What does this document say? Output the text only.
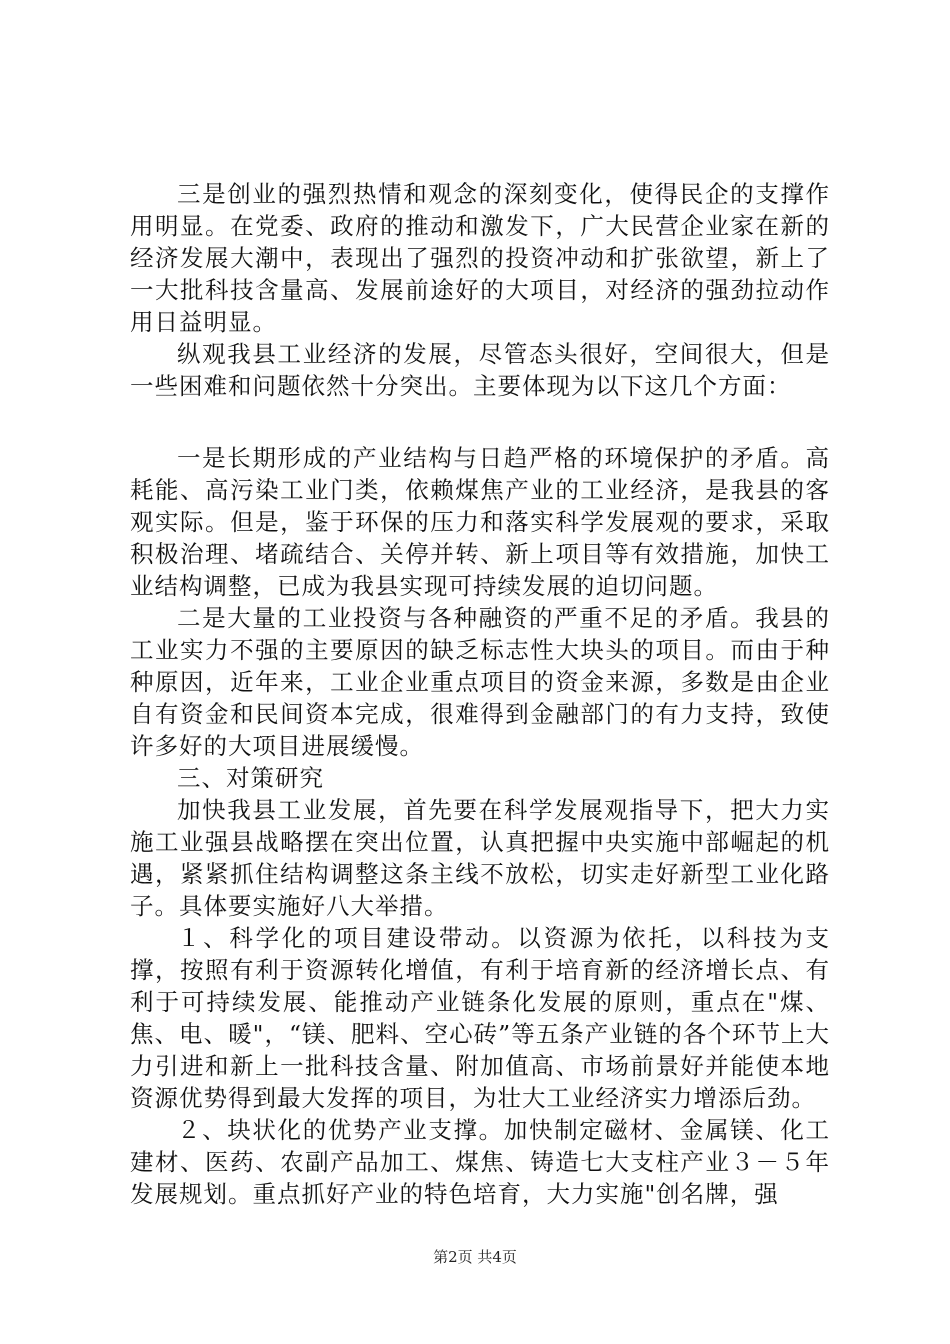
三是创业的强烈热情和观念的深刻变化，使得民企的支撑作用明显。在党委、政府的推动和激发下，广大民营企业家在新的经济发展大潮中，表现出了强烈的投资冲动和扩张欲望，新上了一大批科技含量高、发展前途好的大项目，对经济的强劲拉动作用日益明显。

纵观我县工业经济的发展，尽管态头很好，空间很大，但是一些困难和问题依然十分突出。主要体现为以下这几个方面：

一是长期形成的产业结构与日趋严格的环境保护的矛盾。高耗能、高污染工业门类，依赖煤焦产业的工业经济，是我县的客观实际。但是，鉴于环保的压力和落实科学发展观的要求，采取积极治理、堵疏结合、关停并转、新上项目等有效措施，加快工业结构调整，已成为我县实现可持续发展的迫切问题。

二是大量的工业投资与各种融资的严重不足的矛盾。我县的工业实力不强的主要原因的缺乏标志性大块头的项目。而由于种种原因，近年来，工业企业重点项目的资金来源，多数是由企业自有资金和民间资本完成，很难得到金融部门的有力支持，致使许多好的大项目进展缓慢。

三、对策研究

加快我县工业发展，首先要在科学发展观指导下，把大力实施工业强县战略摆在突出位置，认真把握中央实施中部崛起的机遇，紧紧抓住结构调整这条主线不放松，切实走好新型工业化路子。具体要实施好八大举措。

１、科学化的项目建设带动。以资源为依托，以科技为支撑，按照有利于资源转化增值，有利于培育新的经济增长点、有利于可持续发展、能推动产业链条化发展的原则，重点在"煤、焦、电、暖"，“镁、肥料、空心砖”等五条产业链的各个环节上大力引进和新上一批科技含量、附加值高、市场前景好并能使本地资源优势得到最大发挥的项目，为壮大工业经济实力增添后劲。

２、块状化的优势产业支撑。加快制定磁材、金属镁、化工建材、医药、农副产品加工、煤焦、铸造七大支柱产业３－５年发展规划。重点抓好产业的特色培育，大力实施"创名牌，强

第2页 共4页
